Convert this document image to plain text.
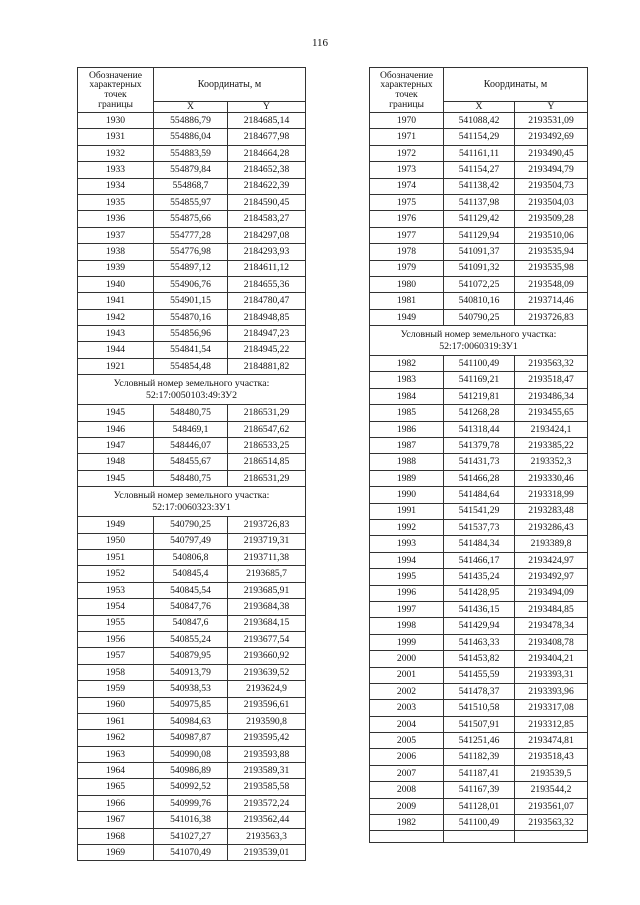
116
Обозначение
характерных
точек
границы	Координаты, м	
	X	Y
1930	554886,79	2184685,14
1931	554886,04	2184677,98
1932	554883,59	2184664,28
1933	554879,84	2184652,38
1934	554868,7	2184622,39
1935	554855,97	2184590,45
1936	554875,66	2184583,27
1937	554777,28	2184297,08
1938	554776,98	2184293,93
1939	554897,12	2184611,12
1940	554906,76	2184655,36
1941	554901,15	2184780,47
1942	554870,16	2184948,85
1943	554856,96	2184947,23
1944	554841,54	2184945,22
1921	554854,48	2184881,82

Условный номер земельного участка:
52:17:0050103:49:ЗУ2		

1945	548480,75	2186531,29
1946	548469,1	2186547,62
1947	548446,07	2186533,25
1948	548455,67	2186514,85
1945	548480,75	2186531,29

Условный номер земельного участка:
52:17:0060323:ЗУ1		

1949	540790,25	2193726,83
1950	540797,49	2193719,31
1951	540806,8	2193711,38
1952	540845,4	2193685,7
1953	540845,54	2193685,91
1954	540847,76	2193684,38
1955	540847,6	2193684,15
1956	540855,24	2193677,54
1957	540879,95	2193660,92
1958	540913,79	2193639,52
1959	540938,53	2193624,9
1960	540975,85	2193596,61
1961	540984,63	2193590,8
1962	540987,87	2193595,42
1963	540990,08	2193593,88
1964	540986,89	2193589,31
1965	540992,52	2193585,58
1966	540999,76	2193572,24
1967	541016,38	2193562,44
1968	541027,27	2193563,3
1969	541070,49	2193539,01
Обозначение
характерных
точек
границы	Координаты, м	
	X	Y
1970	541088,42	2193531,09
1971	541154,29	2193492,69
1972	541161,11	2193490,45
1973	541154,27	2193494,79
1974	541138,42	2193504,73
1975	541137,98	2193504,03
1976	541129,42	2193509,28
1977	541129,94	2193510,06
1978	541091,37	2193535,94
1979	541091,32	2193535,98
1980	541072,25	2193548,09
1981	540810,16	2193714,46
1949	540790,25	2193726,83

Условный номер земельного участка:
52:17:0060319:ЗУ1		

1982	541100,49	2193563,32
1983	541169,21	2193518,47
1984	541219,81	2193486,34
1985	541268,28	2193455,65
1986	541318,44	2193424,1
1987	541379,78	2193385,22
1988	541431,73	2193352,3
1989	541466,28	2193330,46
1990	541484,64	2193318,99
1991	541541,29	2193283,48
1992	541537,73	2193286,43
1993	541484,34	2193389,8
1994	541466,17	2193424,97
1995	541435,24	2193492,97
1996	541428,95	2193494,09
1997	541436,15	2193484,85
1998	541429,94	2193478,34
1999	541463,33	2193408,78
2000	541453,82	2193404,21
2001	541455,59	2193393,31
2002	541478,37	2193393,96
2003	541510,58	2193317,08
2004	541507,91	2193312,85
2005	541251,46	2193474,81
2006	541182,39	2193518,43
2007	541187,41	2193539,5
2008	541167,39	2193544,2
2009	541128,01	2193561,07
1982	541100,49	2193563,32
